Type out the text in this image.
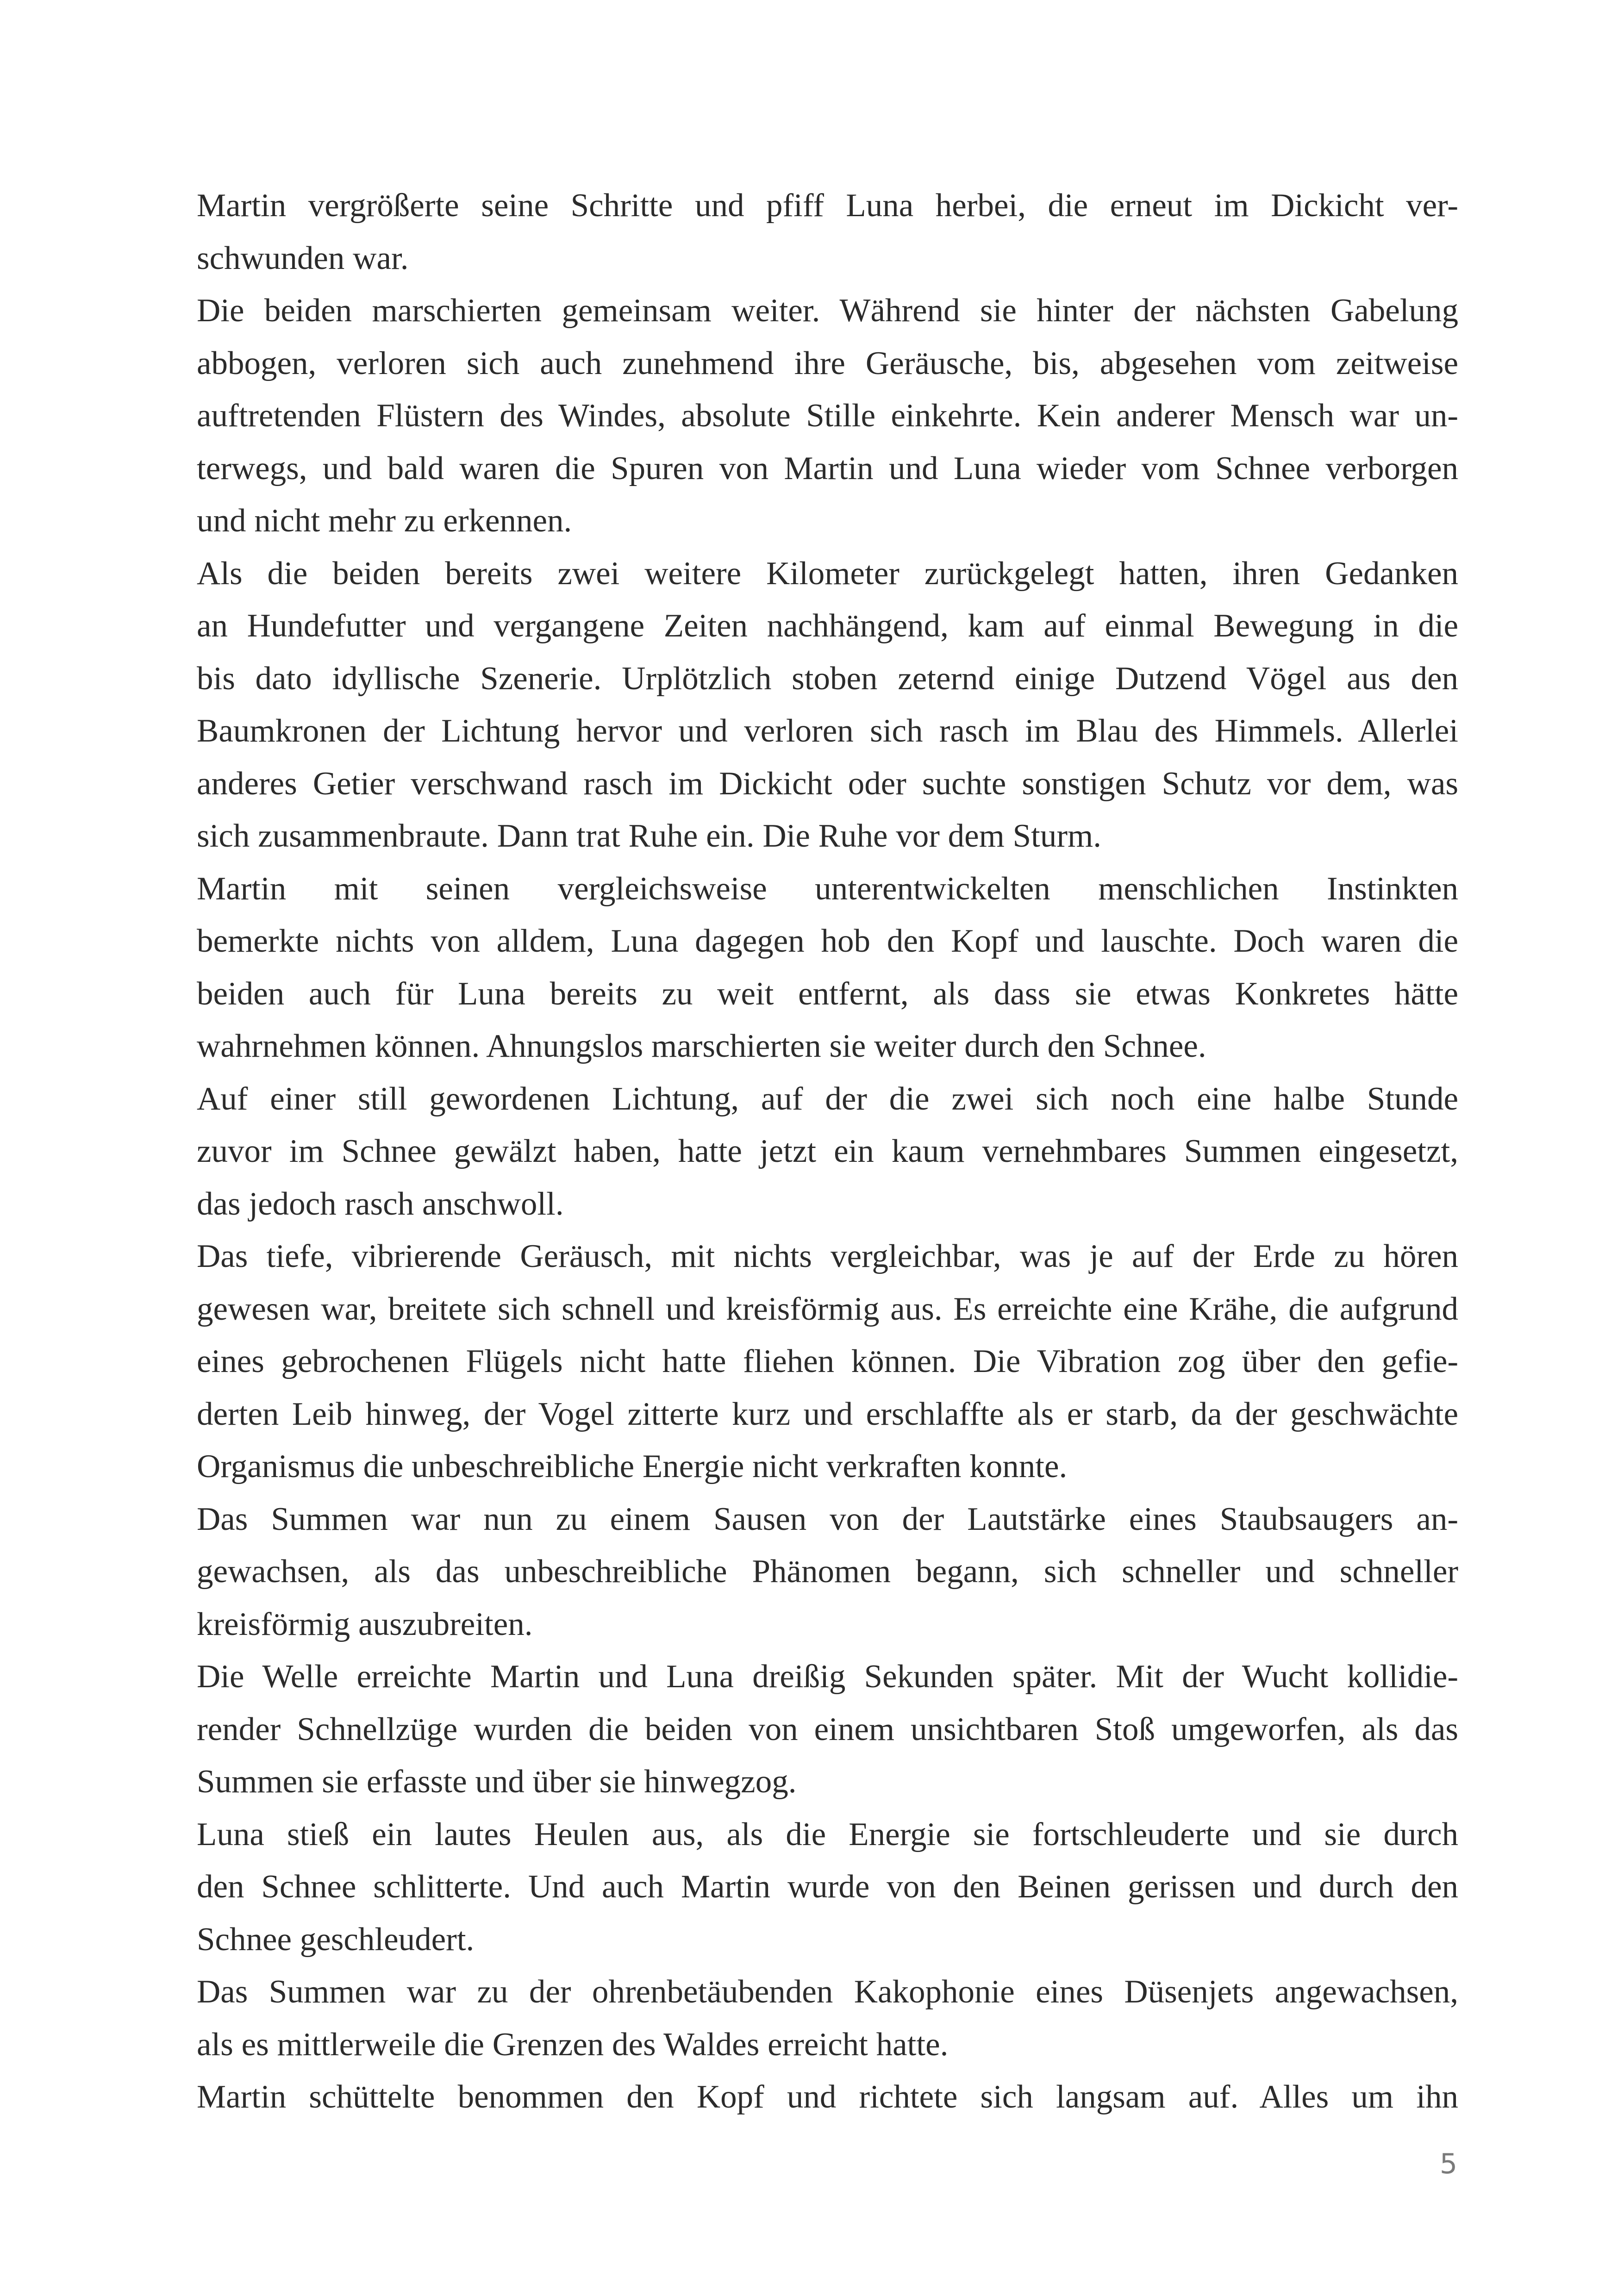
Martin vergrößerte seine Schritte und pfiff Luna herbei, die erneut im Dickicht ver-
schwunden war.

Die beiden marschierten gemeinsam weiter. Während sie hinter der nächsten Gabelung
abbogen, verloren sich auch zunehmend ihre Geräusche, bis, abgesehen vom zeitweise
auftretenden Flüstern des Windes, absolute Stille einkehrte. Kein anderer Mensch war un-
terwegs, und bald waren die Spuren von Martin und Luna wieder vom Schnee verborgen
und nicht mehr zu erkennen.

Als die beiden bereits zwei weitere Kilometer zurückgelegt hatten, ihren Gedanken
an Hundefutter und vergangene Zeiten nachhängend, kam auf einmal Bewegung in die
bis dato idyllische Szenerie. Urplötzlich stoben zeternd einige Dutzend Vögel aus den
Baumkronen der Lichtung hervor und verloren sich rasch im Blau des Himmels. Allerlei
anderes Getier verschwand rasch im Dickicht oder suchte sonstigen Schutz vor dem, was
sich zusammenbraute. Dann trat Ruhe ein. Die Ruhe vor dem Sturm.

Martin mit seinen vergleichsweise unterentwickelten menschlichen Instinkten
bemerkte nichts von alldem, Luna dagegen hob den Kopf und lauschte. Doch waren die
beiden auch für Luna bereits zu weit entfernt, als dass sie etwas Konkretes hätte
wahrnehmen können. Ahnungslos marschierten sie weiter durch den Schnee.

Auf einer still gewordenen Lichtung, auf der die zwei sich noch eine halbe Stunde
zuvor im Schnee gewälzt haben, hatte jetzt ein kaum vernehmbares Summen eingesetzt,
das jedoch rasch anschwoll.

Das tiefe, vibrierende Geräusch, mit nichts vergleichbar, was je auf der Erde zu hören
gewesen war, breitete sich schnell und kreisförmig aus. Es erreichte eine Krähe, die aufgrund
eines gebrochenen Flügels nicht hatte fliehen können. Die Vibration zog über den gefie-
derten Leib hinweg, der Vogel zitterte kurz und erschlaffte als er starb, da der geschwächte
Organismus die unbeschreibliche Energie nicht verkraften konnte.

Das Summen war nun zu einem Sausen von der Lautstärke eines Staubsaugers an-
gewachsen, als das unbeschreibliche Phänomen begann, sich schneller und schneller
kreisförmig auszubreiten.

Die Welle erreichte Martin und Luna dreißig Sekunden später. Mit der Wucht kollidie-
render Schnellzüge wurden die beiden von einem unsichtbaren Stoß umgeworfen, als das
Summen sie erfasste und über sie hinwegzog.

Luna stieß ein lautes Heulen aus, als die Energie sie fortschleuderte und sie durch
den Schnee schlitterte. Und auch Martin wurde von den Beinen gerissen und durch den
Schnee geschleudert.

Das Summen war zu der ohrenbetäubenden Kakophonie eines Düsenjets angewachsen,
als es mittlerweile die Grenzen des Waldes erreicht hatte.

Martin schüttelte benommen den Kopf und richtete sich langsam auf. Alles um ihn

5
